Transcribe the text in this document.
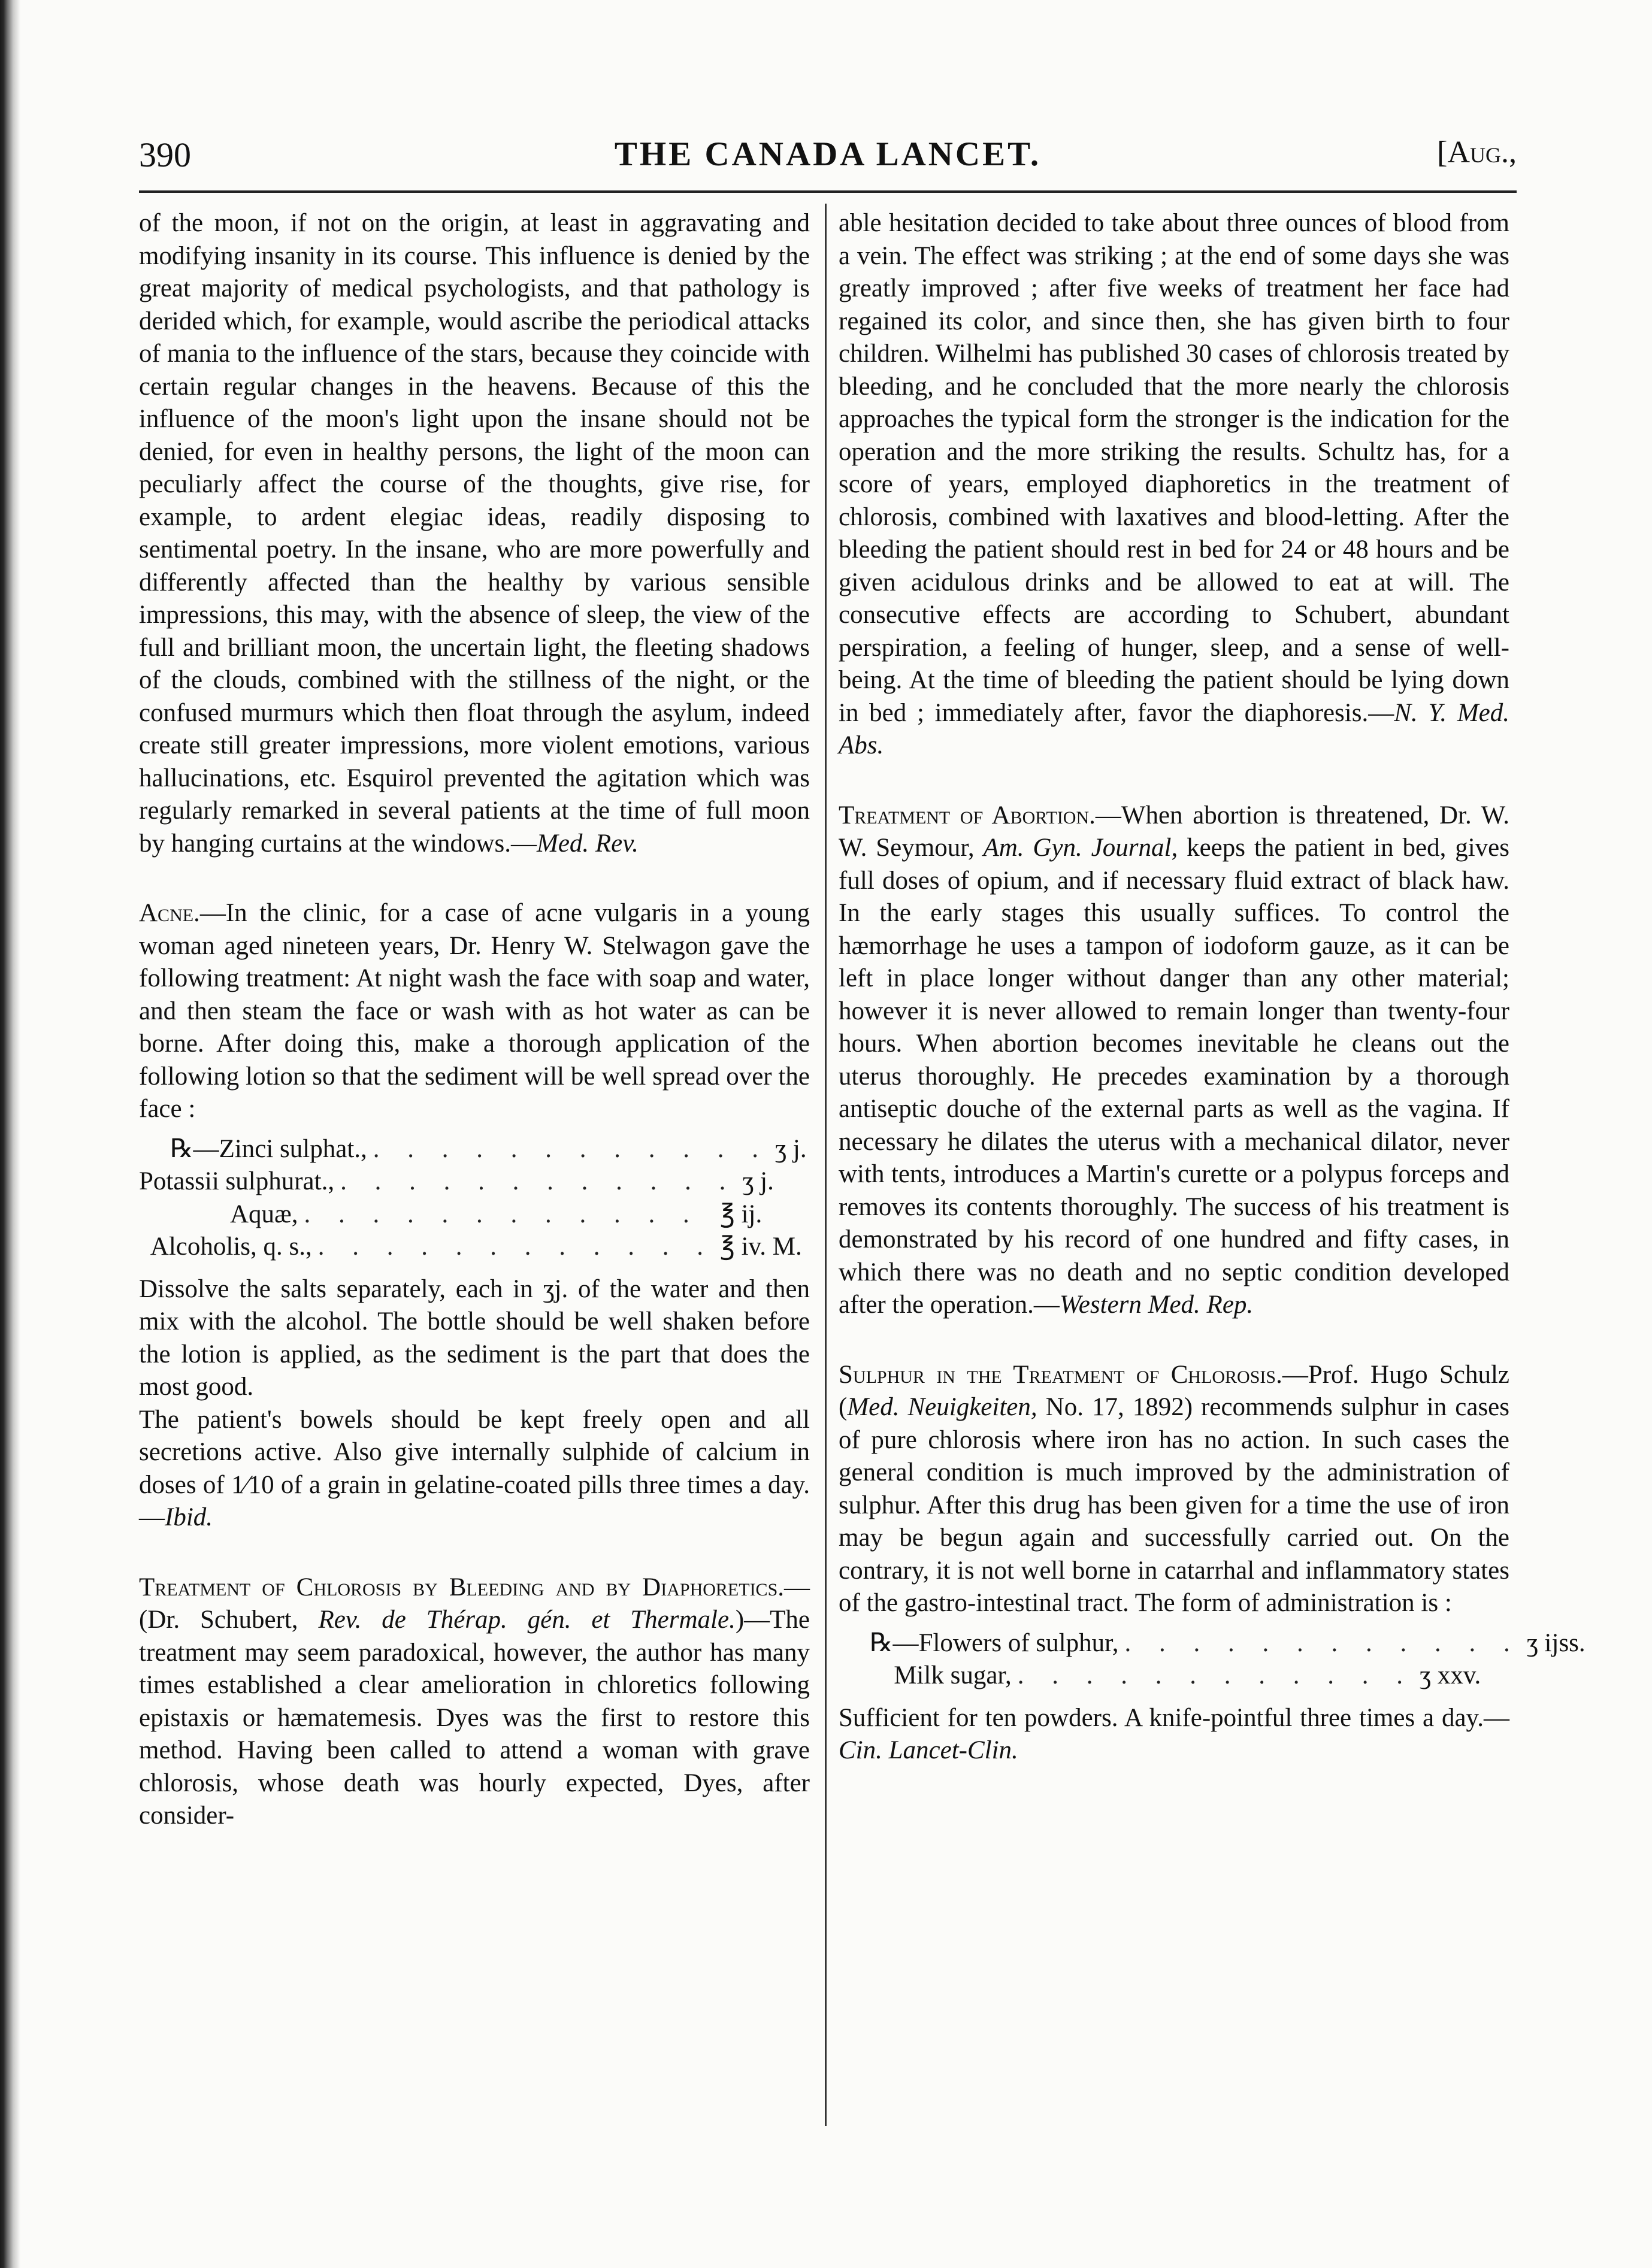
390	THE CANADA LANCET.	[Aug.,

of the moon, if not on the origin, at least in aggravating and modifying insanity in its course. This influence is denied by the great majority of medical psychologists, and that pathology is derided which, for example, would ascribe the periodical attacks of mania to the influence of the stars, because they coincide with certain regular changes in the heavens. Because of this the influence of the moon's light upon the insane should not be denied, for even in healthy persons, the light of the moon can peculiarly affect the course of the thoughts, give rise, for example, to ardent elegiac ideas, readily disposing to sentimental poetry. In the insane, who are more powerfully and differently affected than the healthy by various sensible impressions, this may, with the absence of sleep, the view of the full and brilliant moon, the uncertain light, the fleeting shadows of the clouds, combined with the stillness of the night, or the confused murmurs which then float through the asylum, indeed create still greater impressions, more violent emotions, various hallucinations, etc. Esquirol prevented the agitation which was regularly remarked in several patients at the time of full moon by hanging curtains at the windows.—Med. Rev.

Acne.—In the clinic, for a case of acne vulgaris in a young woman aged nineteen years, Dr. Henry W. Stelwagon gave the following treatment: At night wash the face with soap and water, and then steam the face or wash with as hot water as can be borne. After doing this, make a thorough application of the following lotion so that the sediment will be well spread over the face :

℞— Zinci sulphat., . . . . . . . . . . . . ʒ j.
Potassii sulphurat., . . . . . . . . . . . . ʒ j.
Aquæ, . . . . . . . . . . . . ℥ ij.
Alcoholis, q. s., . . . . . . . . . . . . ℥ iv. M.

Dissolve the salts separately, each in ʒj. of the water and then mix with the alcohol. The bottle should be well shaken before the lotion is applied, as the sediment is the part that does the most good.

The patient's bowels should be kept freely open and all secretions active. Also give internally sulphide of calcium in doses of 1⁄10 of a grain in gelatine-coated pills three times a day.—Ibid.

Treatment of Chlorosis by Bleeding and by Diaphoretics.—(Dr. Schubert, Rev. de Thérap. gén. et Thermale.)—The treatment may seem paradoxical, however, the author has many times established a clear amelioration in chloretics following epistaxis or hæmatemesis. Dyes was the first to restore this method. Having been called to attend a woman with grave chlorosis, whose death was hourly expected, Dyes, after consider-

able hesitation decided to take about three ounces of blood from a vein. The effect was striking ; at the end of some days she was greatly improved ; after five weeks of treatment her face had regained its color, and since then, she has given birth to four children. Wilhelmi has published 30 cases of chlorosis treated by bleeding, and he concluded that the more nearly the chlorosis approaches the typical form the stronger is the indication for the operation and the more striking the results. Schultz has, for a score of years, employed diaphoretics in the treatment of chlorosis, combined with laxatives and blood-letting. After the bleeding the patient should rest in bed for 24 or 48 hours and be given acidulous drinks and be allowed to eat at will. The consecutive effects are according to Schubert, abundant perspiration, a feeling of hunger, sleep, and a sense of well-being. At the time of bleeding the patient should be lying down in bed ; immediately after, favor the diaphoresis.—N. Y. Med. Abs.

Treatment of Abortion.—When abortion is threatened, Dr. W. W. Seymour, Am. Gyn. Journal, keeps the patient in bed, gives full doses of opium, and if necessary fluid extract of black haw. In the early stages this usually suffices. To control the hæmorrhage he uses a tampon of iodoform gauze, as it can be left in place longer without danger than any other material; however it is never allowed to remain longer than twenty-four hours. When abortion becomes inevitable he cleans out the uterus thoroughly. He precedes examination by a thorough antiseptic douche of the external parts as well as the vagina. If necessary he dilates the uterus with a mechanical dilator, never with tents, introduces a Martin's curette or a polypus forceps and removes its contents thoroughly. The success of his treatment is demonstrated by his record of one hundred and fifty cases, in which there was no death and no septic condition developed after the operation.—Western Med. Rep.

Sulphur in the Treatment of Chlorosis.—Prof. Hugo Schulz (Med. Neuigkeiten, No. 17, 1892) recommends sulphur in cases of pure chlorosis where iron has no action. In such cases the general condition is much improved by the administration of sulphur. After this drug has been given for a time the use of iron may be begun again and successfully carried out. On the contrary, it is not well borne in catarrhal and inflammatory states of the gastro-intestinal tract. The form of administration is :

℞— Flowers of sulphur, . . . . . . . . . . . . ʒ ijss.
Milk sugar, . . . . . . . . . . . . ʒ xxv.

Sufficient for ten powders. A knife-pointful three times a day.—Cin. Lancet-Clin.
